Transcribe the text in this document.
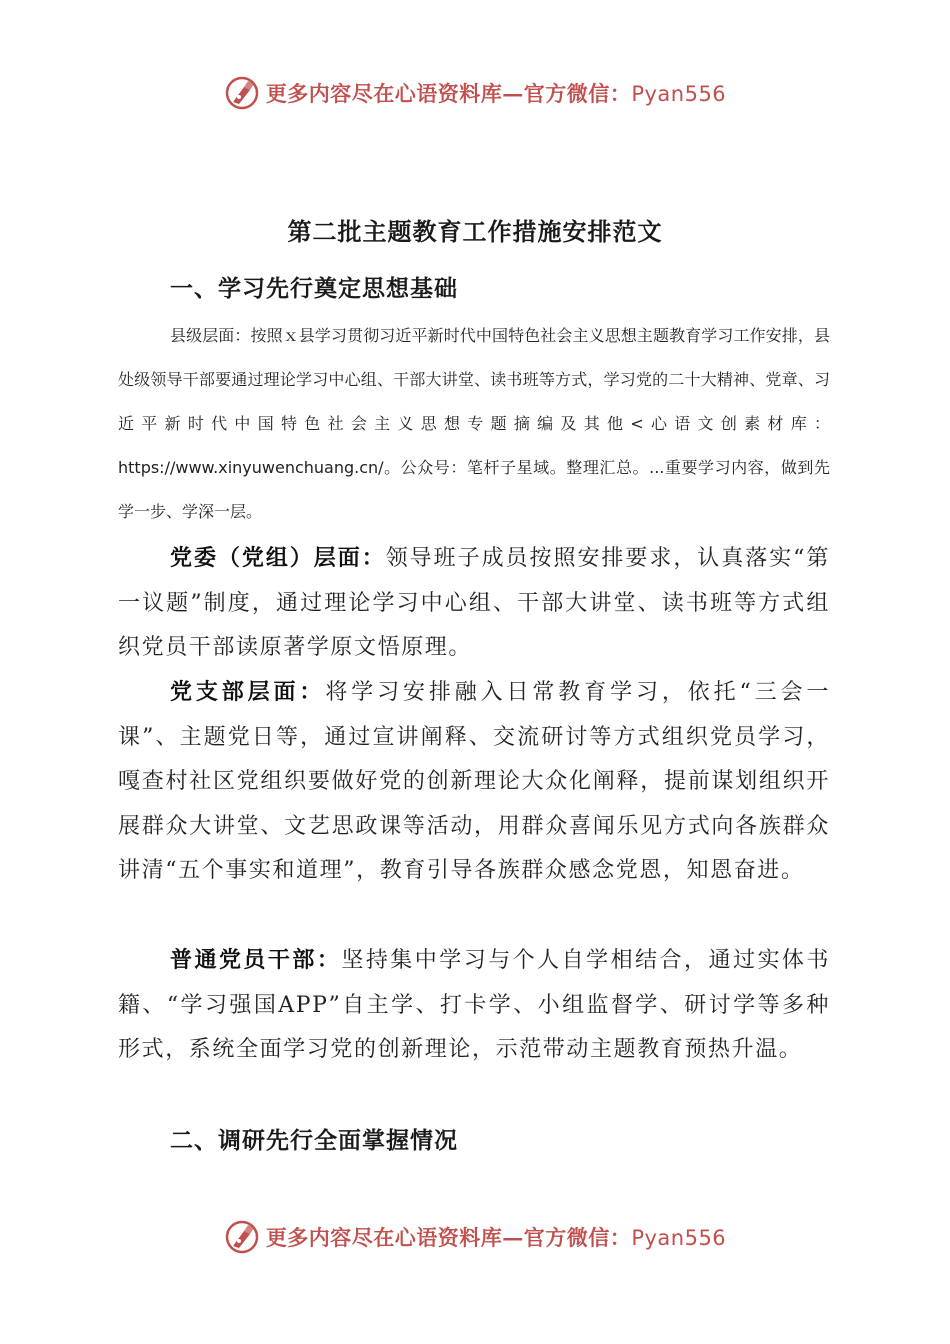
更多内容尽在心语资料库—官方微信：Pyan556
第二批主题教育工作措施安排范文
一、学习先行奠定思想基础
县级层面：按照ｘ县学习贯彻习近平新时代中国特色社会主义思想主题教育学习工作安排，县处级领导干部要通过理论学习中心组、干部大讲堂、读书班等方式，学习党的二十大精神、党章、习近平新时代中国特色社会主义思想专题摘编及其他<心语文创素材库：https://www.xinyuwenchuang.cn/。公众号：笔杆子星域。整理汇总。...重要学习内容，做到先学一步、学深一层。
党委（党组）层面：领导班子成员按照安排要求，认真落实“第一议题”制度，通过理论学习中心组、干部大讲堂、读书班等方式组织党员干部读原著学原文悟原理。
党支部层面：将学习安排融入日常教育学习，依托“三会一课”、主题党日等，通过宣讲阐释、交流研讨等方式组织党员学习，嘎查村社区党组织要做好党的创新理论大众化阐释，提前谋划组织开展群众大讲堂、文艺思政课等活动，用群众喜闻乐见方式向各族群众讲清“五个事实和道理”，教育引导各族群众感念党恩，知恩奋进。
普通党员干部：坚持集中学习与个人自学相结合，通过实体书籍、“学习强国APP”自主学、打卡学、小组监督学、研讨学等多种形式，系统全面学习党的创新理论，示范带动主题教育预热升温。
二、调研先行全面掌握情况
更多内容尽在心语资料库—官方微信：Pyan556
